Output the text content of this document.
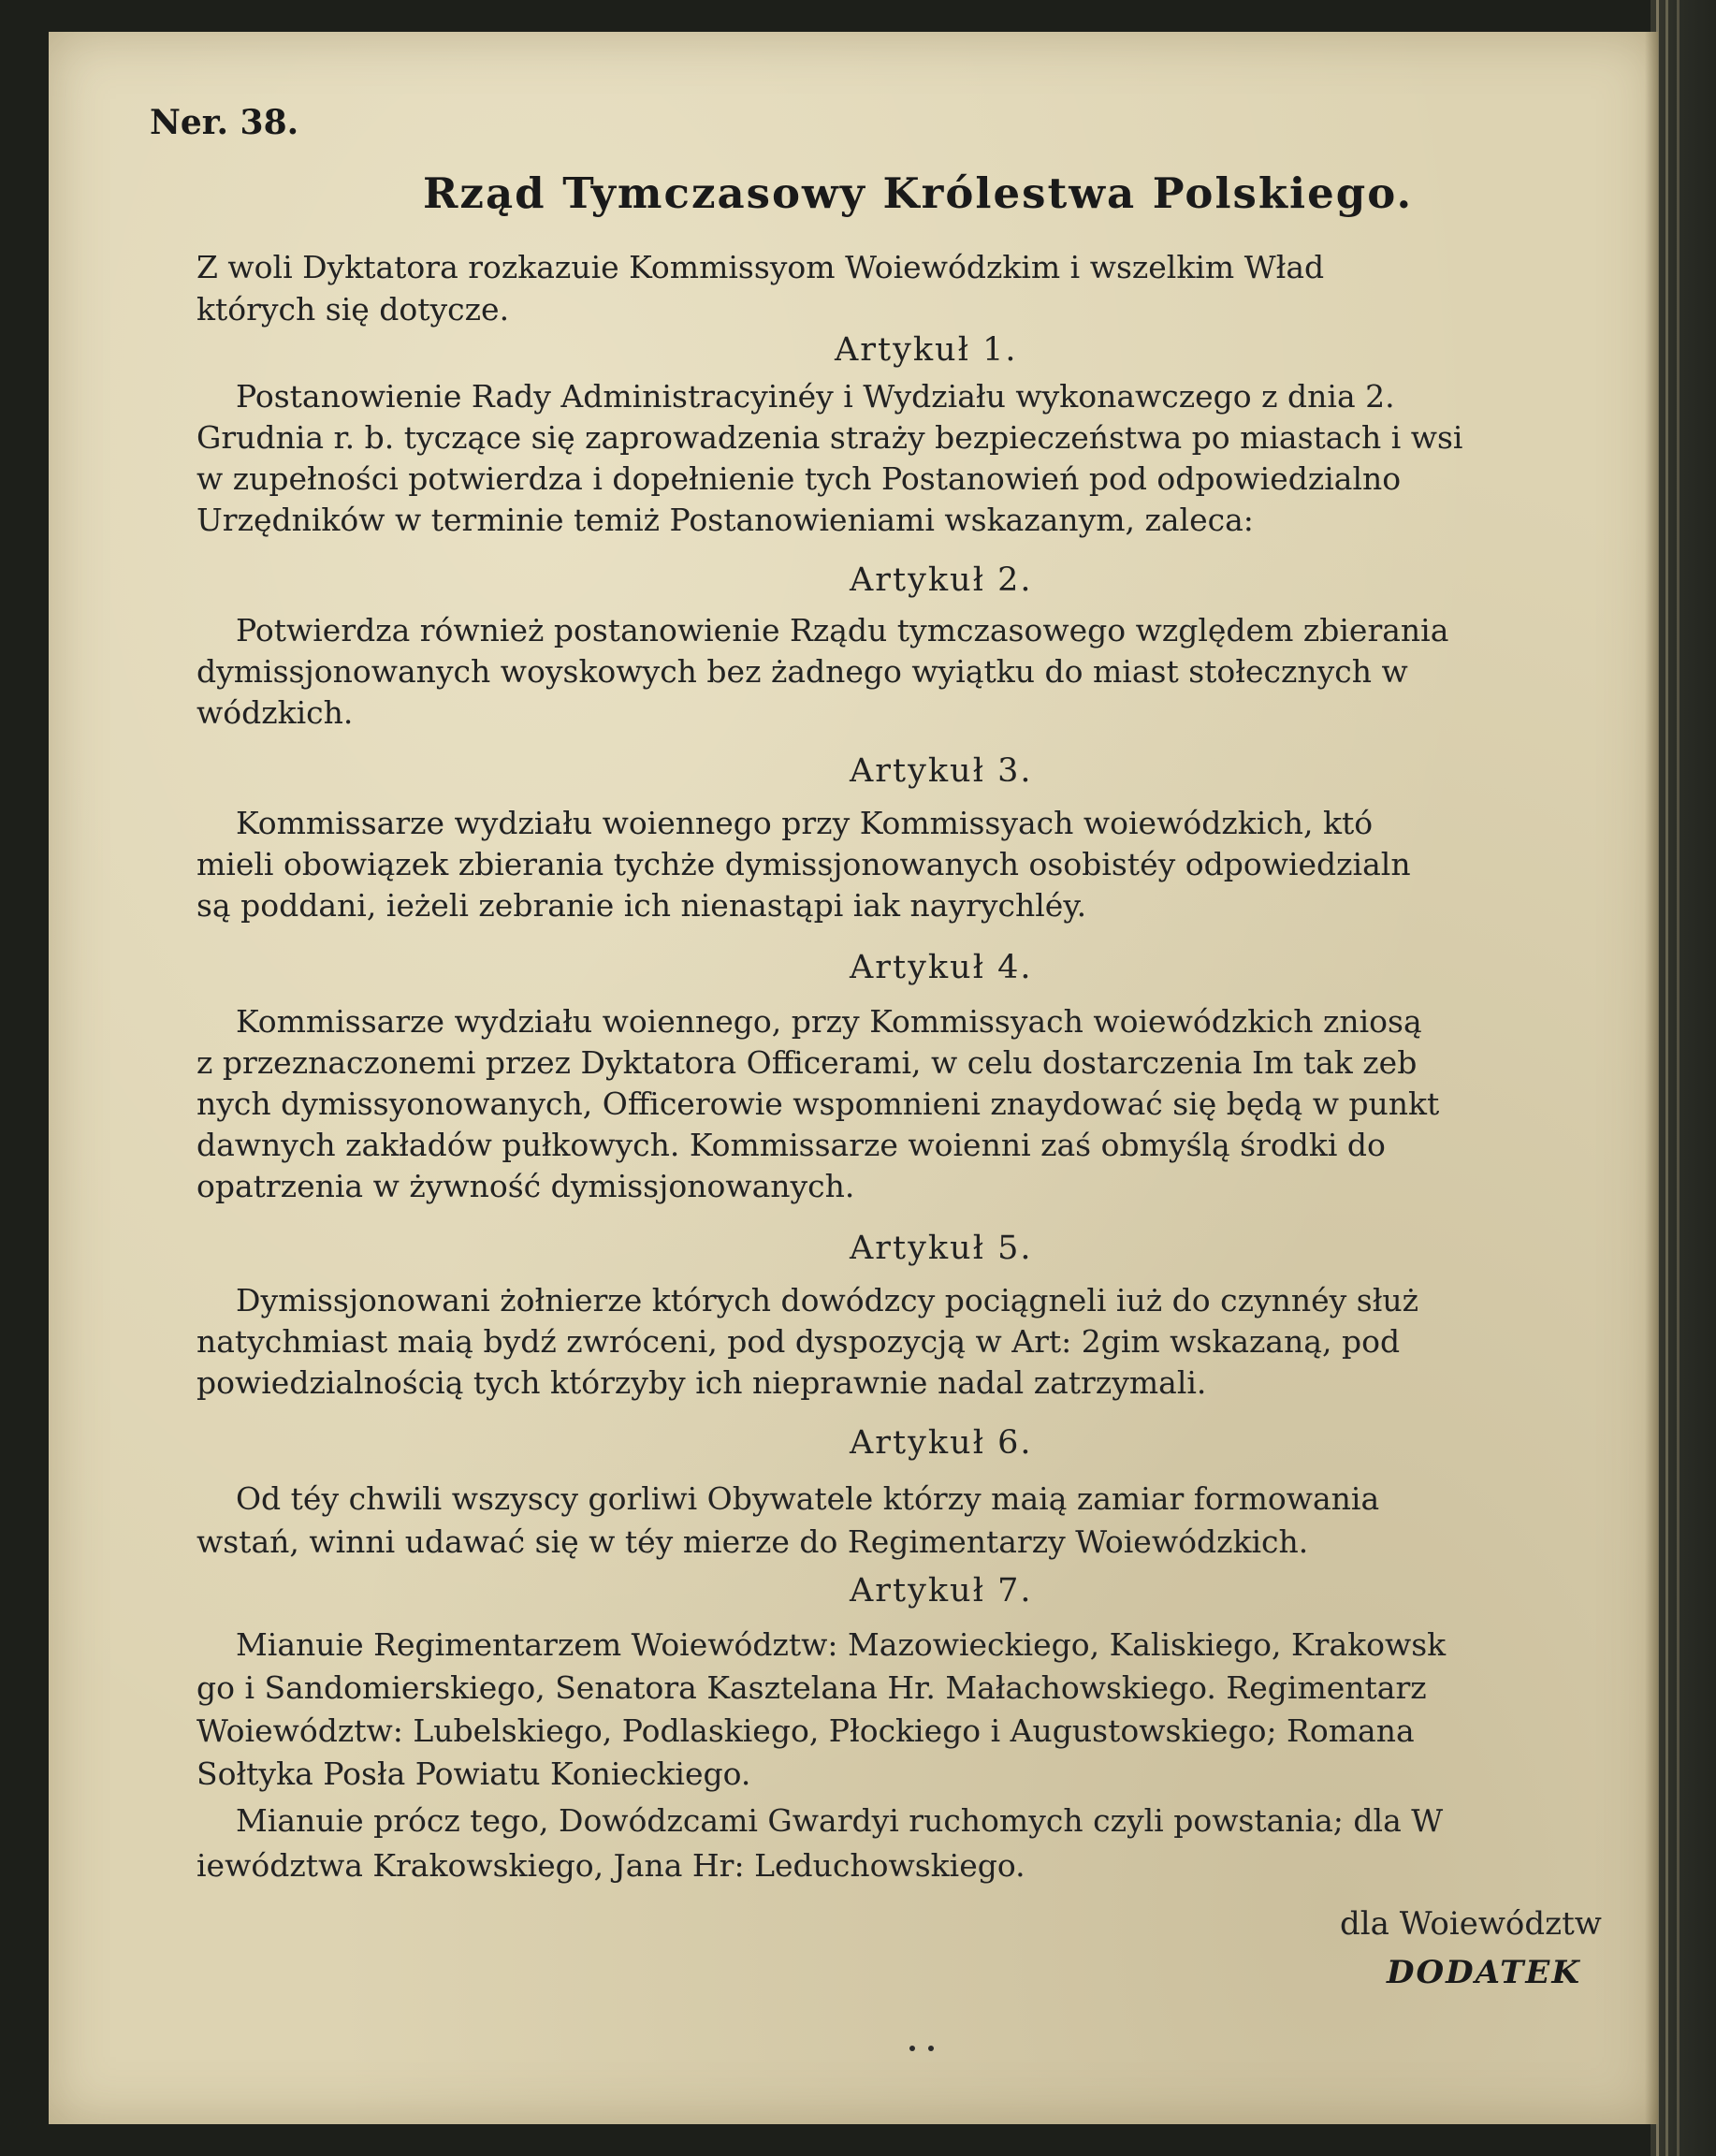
Ner. 38.
Rząd Tymczasowy Królestwa Polskiego.
Z woli Dyktatora rozkazuie Kommissyom Woiewódzkim i wszelkim Wład
których się dotycze.
Artykuł 1.
Postanowienie Rady Administracyinéy i Wydziału wykonawczego z dnia 2.
Grudnia r. b. tyczące się zaprowadzenia straży bezpieczeństwa po miastach i wsi
w zupełności potwierdza i dopełnienie tych Postanowień pod odpowiedzialno
Urzędników w terminie temiż Postanowieniami wskazanym, zaleca:
Artykuł 2.
Potwierdza również postanowienie Rządu tymczasowego względem zbierania
dymissjonowanych woyskowych bez żadnego wyiątku do miast stołecznych w
wódzkich.
Artykuł 3.
Kommissarze wydziału woiennego przy Kommissyach woiewódzkich, któ
mieli obowiązek zbierania tychże dymissjonowanych osobistéy odpowiedzialn
są poddani, ieżeli zebranie ich nienastąpi iak nayrychléy.
Artykuł 4.
Kommissarze wydziału woiennego, przy Kommissyach woiewódzkich zniosą
z przeznaczonemi przez Dyktatora Officerami, w celu dostarczenia Im tak zeb
nych dymissyonowanych, Officerowie wspomnieni znaydować się będą w punkt
dawnych zakładów pułkowych. Kommissarze woienni zaś obmyślą środki do
opatrzenia w żywność dymissjonowanych.
Artykuł 5.
Dymissjonowani żołnierze których dowódzcy pociągneli iuż do czynnéy służ
natychmiast maią bydź zwróceni, pod dyspozycją w Art: 2gim wskazaną, pod
powiedzialnością tych którzyby ich nieprawnie nadal zatrzymali.
Artykuł 6.
Od téy chwili wszyscy gorliwi Obywatele którzy maią zamiar formowania
wstań, winni udawać się w téy mierze do Regimentarzy Woiewódzkich.
Artykuł 7.
Mianuie Regimentarzem Woiewództw: Mazowieckiego, Kaliskiego, Krakowsk
go i Sandomierskiego, Senatora Kasztelana Hr. Małachowskiego. Regimentarz
Woiewództw: Lubelskiego, Podlaskiego, Płockiego i Augustowskiego; Romana
Sołtyka Posła Powiatu Konieckiego.
Mianuie prócz tego, Dowódzcami Gwardyi ruchomych czyli powstania; dla W
iewództwa Krakowskiego, Jana Hr: Leduchowskiego.
dla Woiewództw
DODATEK
